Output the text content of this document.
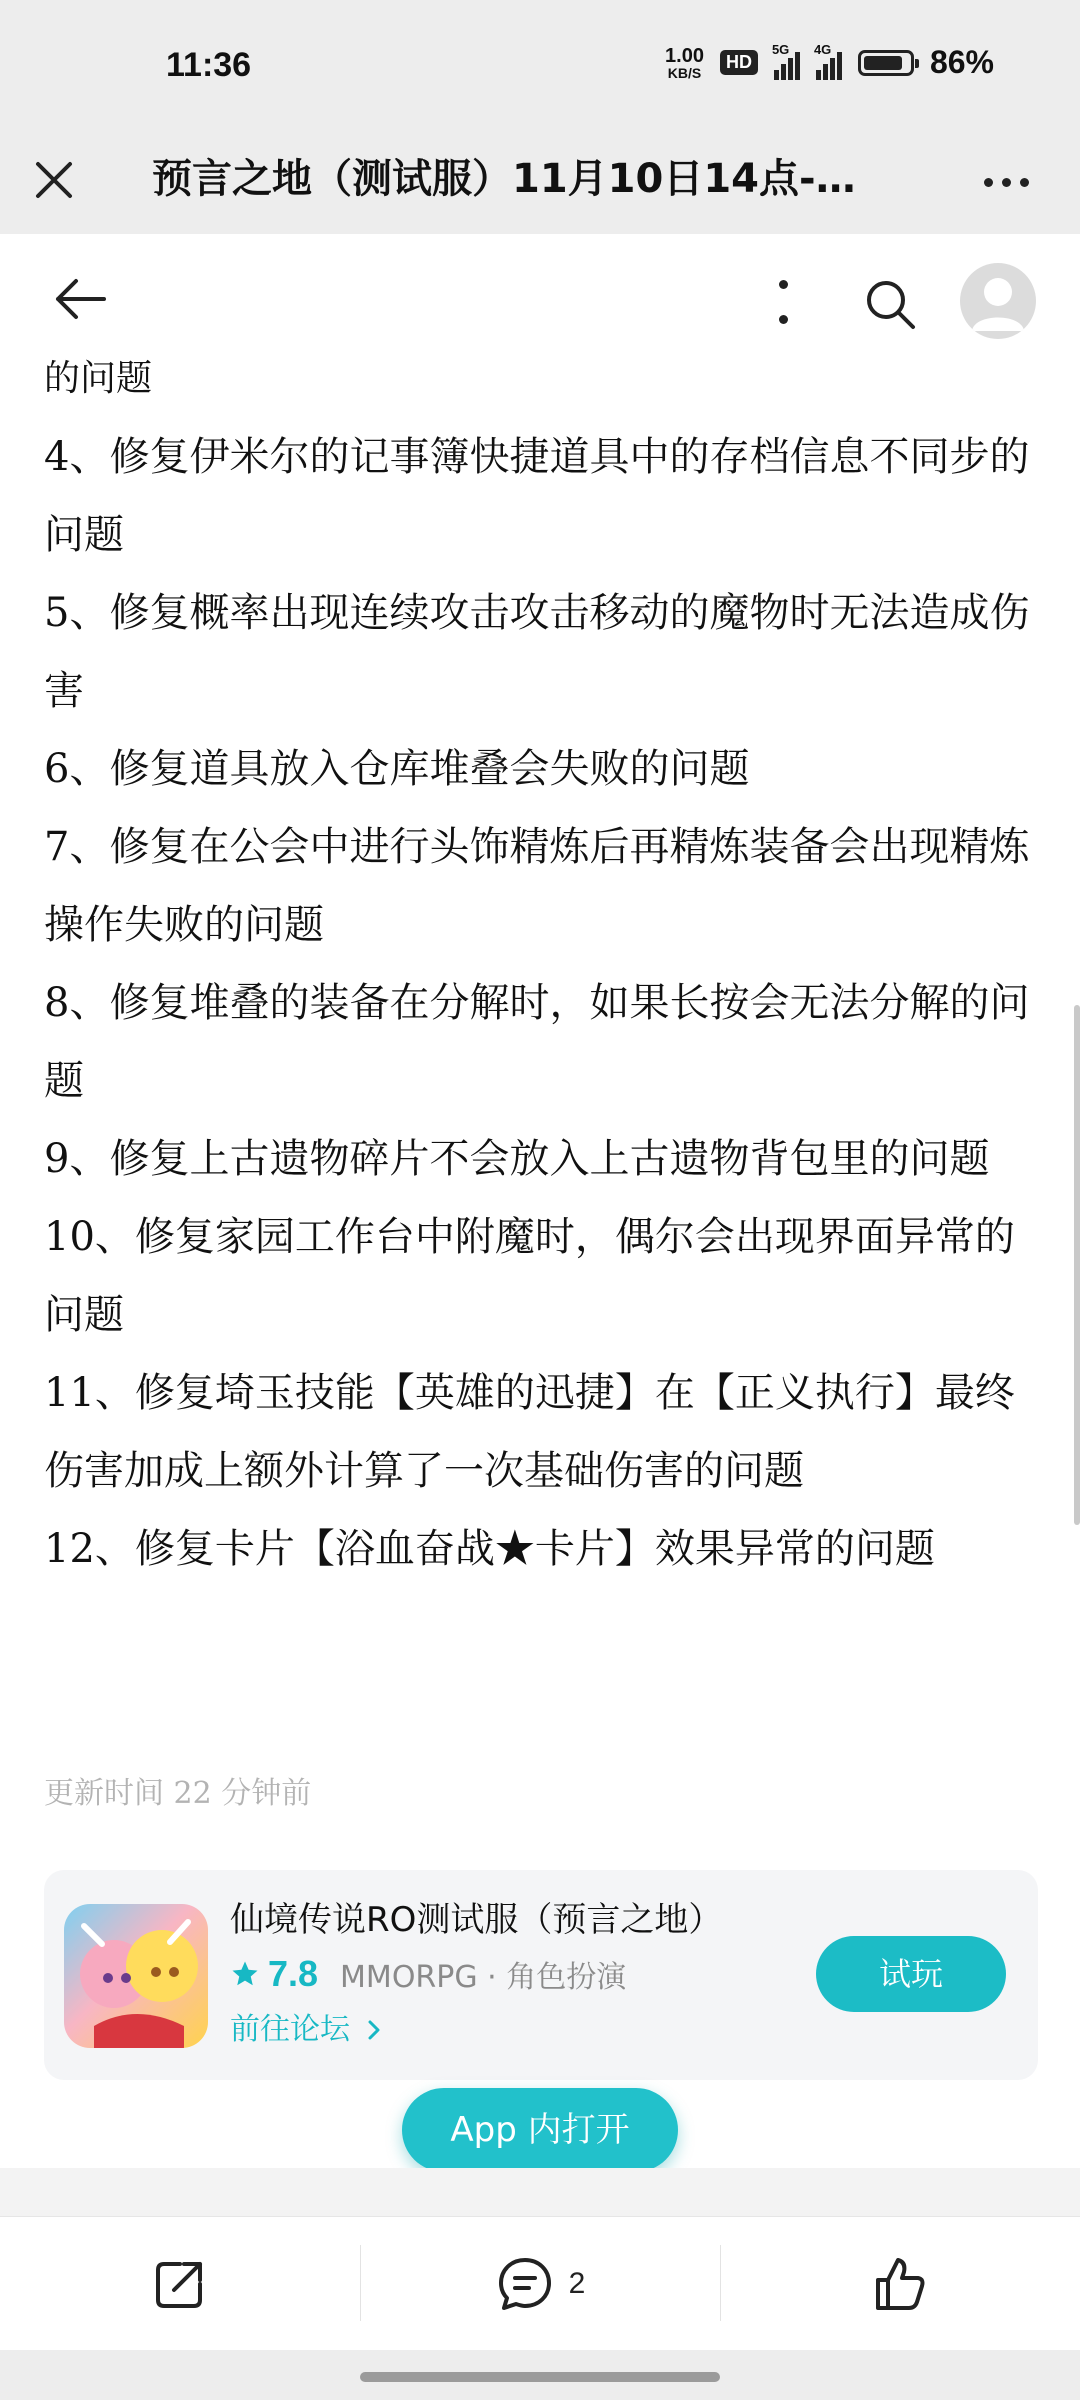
11:36	1.00
KB/S
HD
5G 4G	86%
预言之地（测试服）11月10日14点-…

的问题

4、修复伊米尔的记事簿快捷道具中的存档信息不同步的问题

5、修复概率出现连续攻击攻击移动的魔物时无法造成伤害

6、修复道具放入仓库堆叠会失败的问题

7、修复在公会中进行头饰精炼后再精炼装备会出现精炼操作失败的问题

8、修复堆叠的装备在分解时，如果长按会无法分解的问题

9、修复上古遗物碎片不会放入上古遗物背包里的问题

10、修复家园工作台中附魔时，偶尔会出现界面异常的问题

11、修复埼玉技能【英雄的迅捷】在【正义执行】最终伤害加成上额外计算了一次基础伤害的问题

12、修复卡片【浴血奋战★卡片】效果异常的问题

更新时间 22 分钟前
仙境传说RO测试服（预言之地）
7.8 MMORPG · 角色扮演
前往论坛
试玩
App 内打开
2
